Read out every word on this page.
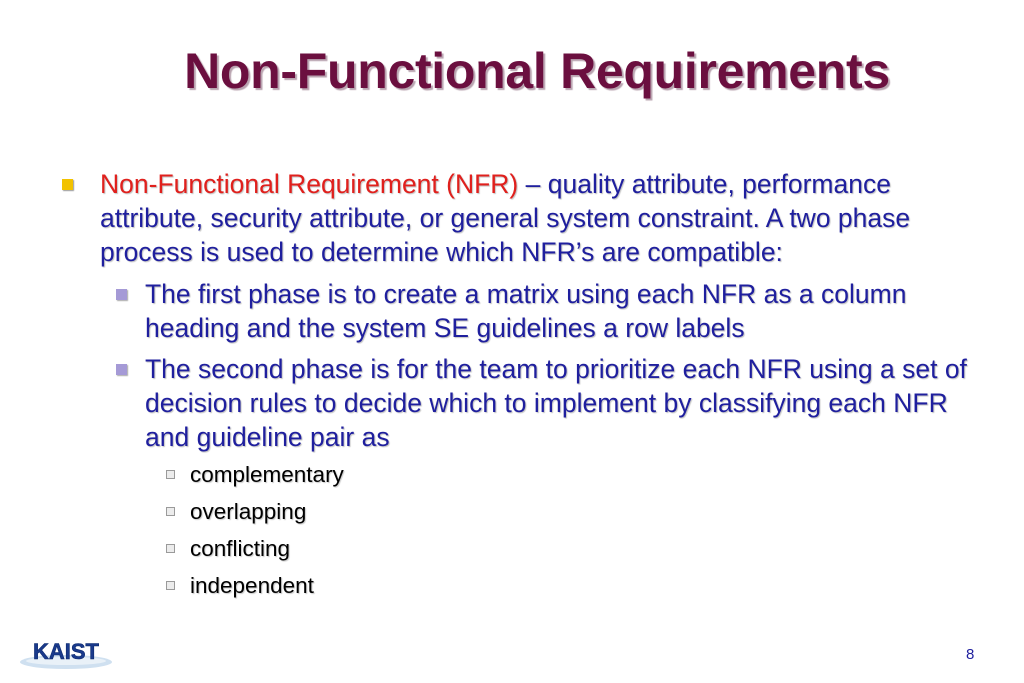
Non-Functional Requirements
Non-Functional Requirement (NFR) – quality attribute, performance attribute, security attribute, or general system constraint. A two phase process is used to determine which NFR’s are compatible:
The first phase is to create a matrix using each NFR as a column heading and the system SE guidelines a row labels
The second phase is for the team to prioritize each NFR using a set of decision rules to decide which to implement by classifying each NFR and guideline pair as
complementary
overlapping
conflicting
independent
KAIST	8
